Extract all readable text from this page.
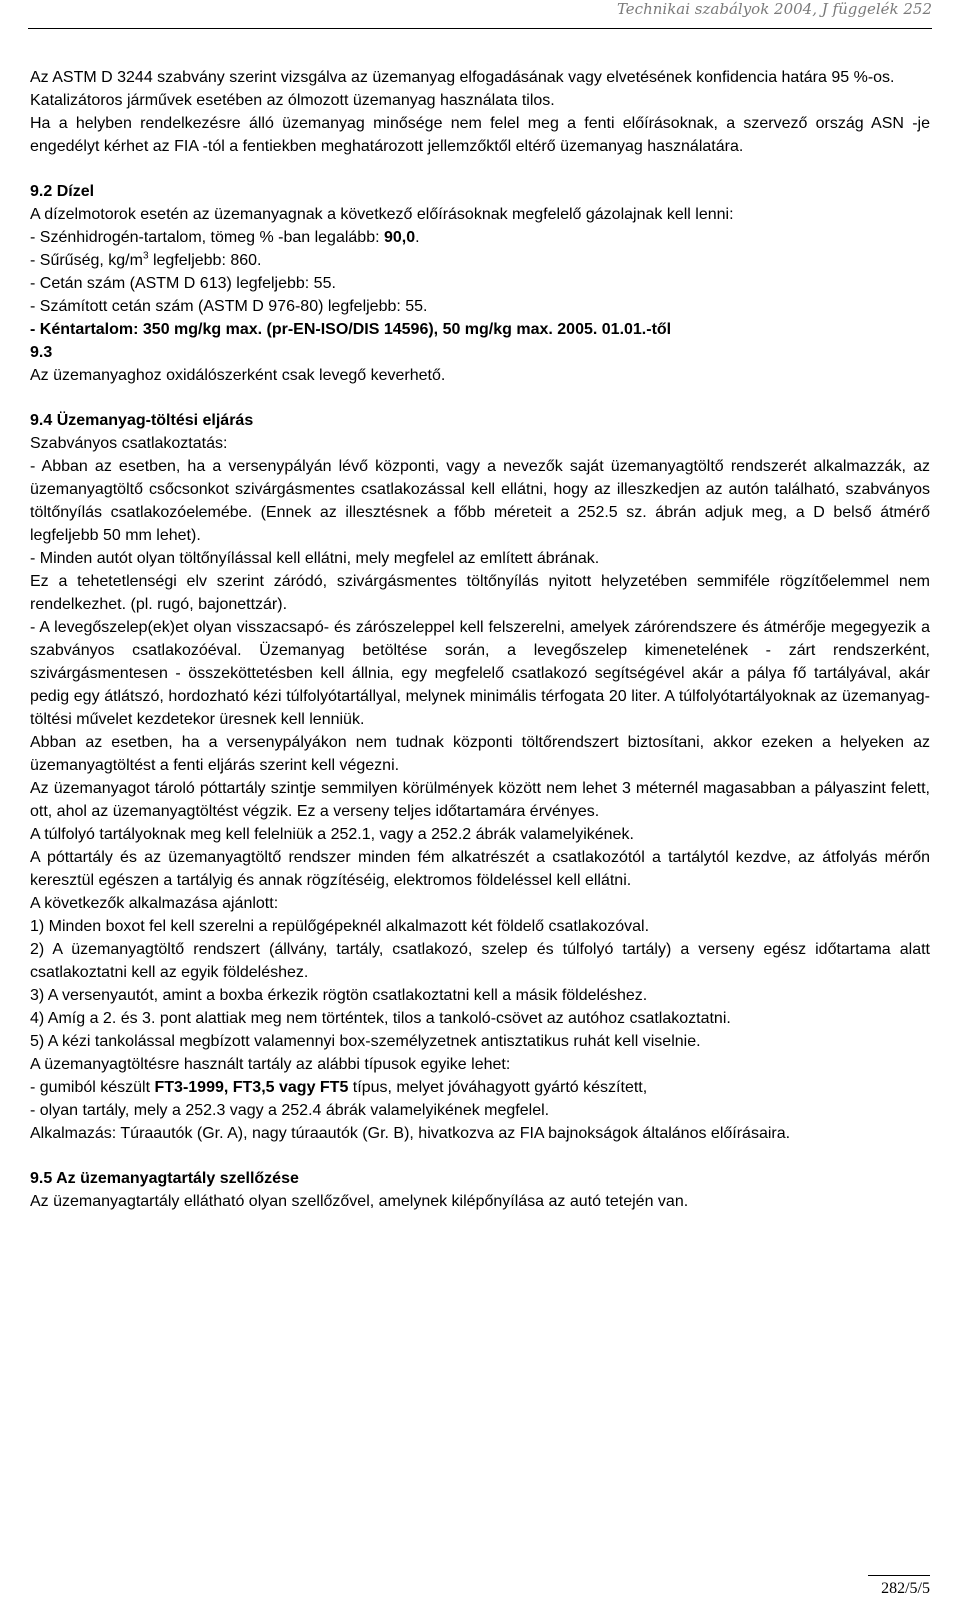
Technikai szabályok 2004, J függelék 252

Az ASTM D 3244 szabvány szerint vizsgálva az üzemanyag elfogadásának vagy elvetésének konfidencia határa 95 %-os.

Katalizátoros járművek esetében az ólmozott üzemanyag használata tilos.

Ha a helyben rendelkezésre álló üzemanyag minősége nem felel meg a fenti előírásoknak, a szervező ország ASN -je engedélyt kérhet az FIA -tól a fentiekben meghatározott jellemzőktől eltérő üzemanyag használatára.

9.2 Dízel

A dízelmotorok esetén az üzemanyagnak a következő előírásoknak megfelelő gázolajnak kell lenni:

- Szénhidrogén-tartalom, tömeg % -ban legalább: 90,0.

- Sűrűség, $kg/m^3$ legfeljebb: 860.

- Cetán szám (ASTM D 613) legfeljebb: 55.

- Számított cetán szám (ASTM D 976-80) legfeljebb: 55.

- Kéntartalom: 350 mg/kg max. (pr-EN-ISO/DIS 14596), 50 mg/kg max. 2005. 01.01.-től

9.3

Az üzemanyaghoz oxidálószerként csak levegő keverhető.

9.4 Üzemanyag-töltési eljárás

Szabványos csatlakoztatás:

- Abban az esetben, ha a versenypályán lévő központi, vagy a nevezők saját üzemanyagtöltő rendszerét alkalmazzák, az üzemanyagtöltő csőcsonkot szivárgásmentes csatlakozással kell ellátni, hogy az illeszkedjen az autón található, szabványos töltőnyílás csatlakozóelemébe. (Ennek az illesztésnek a főbb méreteit a 252.5 sz. ábrán adjuk meg, a D belső átmérő legfeljebb 50 mm lehet).

- Minden autót olyan töltőnyílással kell ellátni, mely megfelel az említett ábrának.

Ez a tehetetlenségi elv szerint záródó, szivárgásmentes töltőnyílás nyitott helyzetében semmiféle rögzítőelemmel nem rendelkezhet. (pl. rugó, bajonettzár).

- A levegőszelep(ek)et olyan visszacsapó- és zárószeleppel kell felszerelni, amelyek zárórendszere és átmérője megegyezik a szabványos csatlakozóéval. Üzemanyag betöltése során, a levegőszelep kimenetelének - zárt rendszerként, szivárgásmentesen - összeköttetésben kell állnia, egy megfelelő csatlakozó segítségével akár a pálya fő tartályával, akár pedig egy átlátszó, hordozható kézi túlfolyótartállyal, melynek minimális térfogata 20 liter. A túlfolyótartályoknak az üzemanyag-töltési művelet kezdetekor üresnek kell lenniük.

Abban az esetben, ha a versenypályákon nem tudnak központi töltőrendszert biztosítani, akkor ezeken a helyeken az üzemanyagtöltést a fenti eljárás szerint kell végezni.

Az üzemanyagot tároló póttartály szintje semmilyen körülmények között nem lehet 3 méternél magasabban a pályaszint felett, ott, ahol az üzemanyagtöltést végzik. Ez a verseny teljes időtartamára érvényes.

A túlfolyó tartályoknak meg kell felelniük a 252.1, vagy a 252.2 ábrák valamelyikének.

A póttartály és az üzemanyagtöltő rendszer minden fém alkatrészét a csatlakozótól a tartálytól kezdve, az átfolyás mérőn keresztül egészen a tartályig és annak rögzítéséig, elektromos földeléssel kell ellátni.

A következők alkalmazása ajánlott:

1) Minden boxot fel kell szerelni a repülőgépeknél alkalmazott két földelő csatlakozóval.

2) A üzemanyagtöltő rendszert (állvány, tartály, csatlakozó, szelep és túlfolyó tartály) a verseny egész időtartama alatt csatlakoztatni kell az egyik földeléshez.

3) A versenyautót, amint a boxba érkezik rögtön csatlakoztatni kell a másik földeléshez.

4) Amíg a 2. és 3. pont alattiak meg nem történtek, tilos a tankoló-csövet az autóhoz csatlakoztatni.

5) A kézi tankolással megbízott valamennyi box-személyzetnek antisztatikus ruhát kell viselnie.

A üzemanyagtöltésre használt tartály az alábbi típusok egyike lehet:

- gumiból készült FT3-1999, FT3,5 vagy FT5 típus, melyet jóváhagyott gyártó készített,

- olyan tartály, mely a 252.3 vagy a 252.4 ábrák valamelyikének megfelel.

Alkalmazás: Túraautók (Gr. A), nagy túraautók (Gr. B), hivatkozva az FIA bajnokságok általános előírásaira.

9.5 Az üzemanyagtartály szellőzése

Az üzemanyagtartály ellátható olyan szellőzővel, amelynek kilépőnyílása az autó tetején van.

282/5/5
